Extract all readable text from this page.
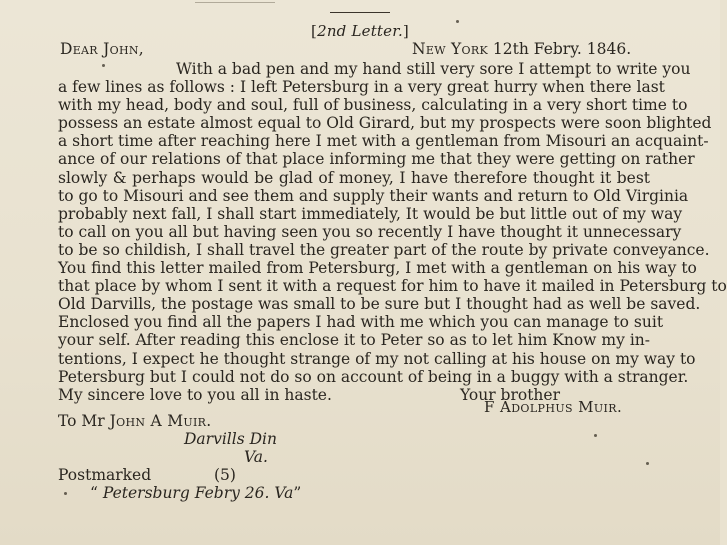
[2nd Letter.]
Dear John,	New York 12th Febry. 1846.
With a bad pen and my hand still very sore I attempt to write you
a few lines as follows : I left Petersburg in a very great hurry when there last
with my head, body and soul, full of business, calculating in a very short time to
possess an estate almost equal to Old Girard, but my prospects were soon blighted
a short time after reaching here I met with a gentleman from Misouri an acquaint-
ance of our relations of that place informing me that they were getting on rather
slowly & perhaps would be glad of money, I have therefore thought it best
to go to Misouri and see them and supply their wants and return to Old Virginia
probably next fall, I shall start immediately, It would be but little out of my way
to call on you all but having seen you so recently I have thought it unnecessary
to be so childish, I shall travel the greater part of the route by private conveyance.
You find this letter mailed from Petersburg, I met with a gentleman on his way to
that place by whom I sent it with a request for him to have it mailed in Petersburg to
Old Darvills, the postage was small to be sure but I thought had as well be saved.
Enclosed you find all the papers I had with me which you can manage to suit
your self. After reading this enclose it to Peter so as to let him Know my in-
tentions, I expect he thought strange of my not calling at his house on my way to
Petersburg but I could not do so on account of being in a buggy with a stranger.
My sincere love to you all in haste.                          Your brother
F Adolphus Muir.
To Mr John A Muir.
Darvills Din
Va.
Postmarked	(5)
“ Petersburg Febry 26. Va”
